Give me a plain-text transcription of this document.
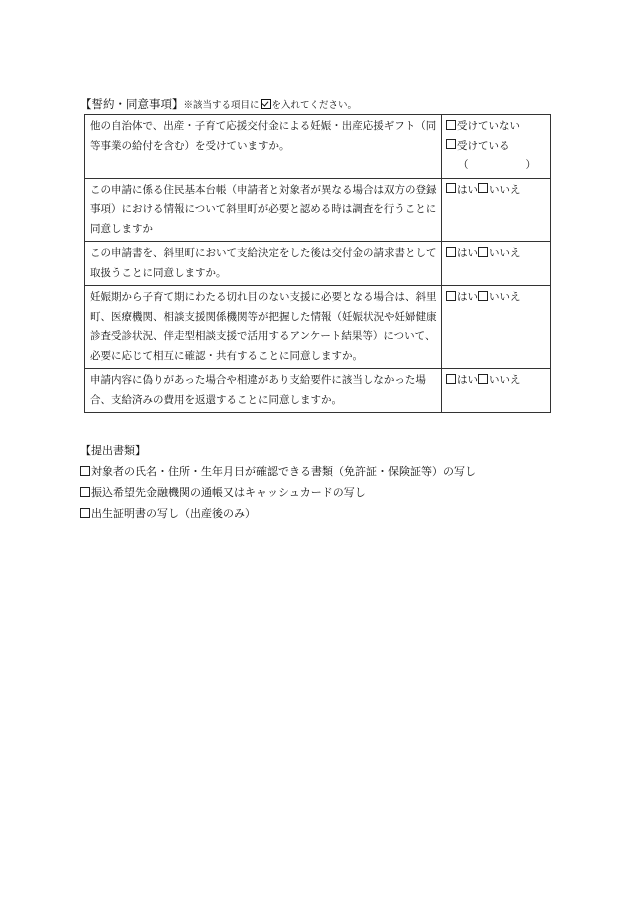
【誓約・同意事項】※該当する項目に を入れてください。
他の自治体で、出産・子育て応援交付金による妊娠・出産応援ギフト（同等事業の給付を含む）を受けていますか。	受けていない
受けている
（ ）

この申請に係る住民基本台帳（申請者と対象者が異なる場合は双方の登録事項）における情報について斜里町が必要と認める時は調査を行うことに同意しますか	はい いいえ
この申請書を、斜里町において支給決定をした後は交付金の請求書として取扱うことに同意しますか。	はい いいえ
妊娠期から子育て期にわたる切れ目のない支援に必要となる場合は、斜里町、医療機関、相談支援関係機関等が把握した情報（妊娠状況や妊婦健康診査受診状況、伴走型相談支援で活用するアンケート結果等）について、必要に応じて相互に確認・共有することに同意しますか。	はい いいえ
申請内容に偽りがあった場合や相違があり支給要件に該当しなかった場合、支給済みの費用を返還することに同意しますか。	はい いいえ
【提出書類】
対象者の氏名・住所・生年月日が確認できる書類（免許証・保険証等）の写し
振込希望先金融機関の通帳又はキャッシュカードの写し
出生証明書の写し（出産後のみ）
